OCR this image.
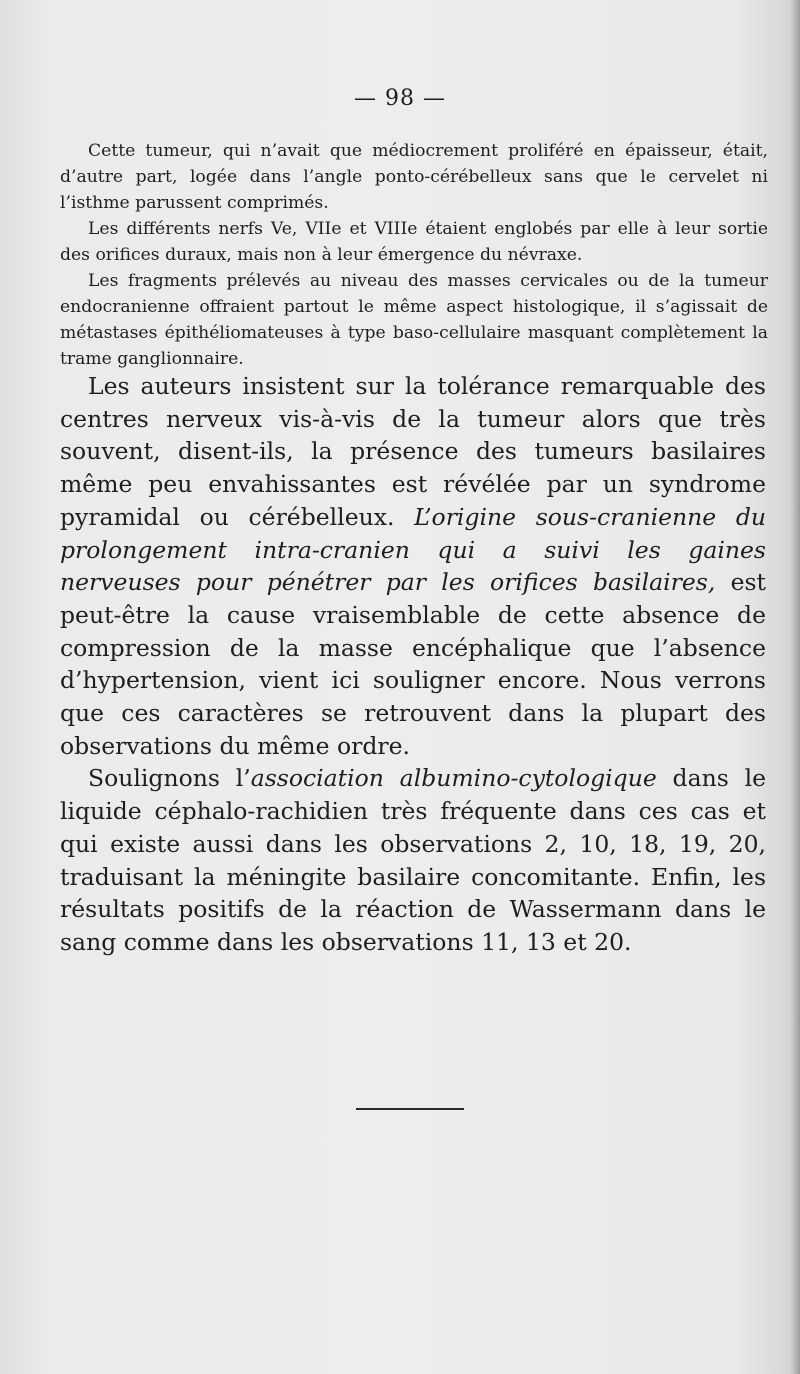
— 98 —

Cette tumeur, qui n’avait que médiocrement proliféré en épaisseur, était, d’autre part, logée dans l’angle ponto-cérébelleux sans que le cervelet ni l’isthme parussent comprimés.

Les différents nerfs Ve, VIIe et VIIIe étaient englobés par elle à leur sortie des orifices duraux, mais non à leur émergence du névraxe.

Les fragments prélevés au niveau des masses cervicales ou de la tumeur endocranienne offraient partout le même aspect histologique, il s’agissait de métastases épithéliomateuses à type baso-cellulaire masquant complètement la trame ganglionnaire.

Les auteurs insistent sur la tolérance remarquable des centres nerveux vis-à-vis de la tumeur alors que très souvent, disent-ils, la présence des tumeurs basilaires même peu envahissantes est révélée par un syndrome pyramidal ou cérébelleux. L’origine sous-cranienne du prolongement intra-cranien qui a suivi les gaines nerveuses pour pénétrer par les orifices basilaires, est peut-être la cause vraisemblable de cette absence de compression de la masse encéphalique que l’absence d’hypertension, vient ici souligner encore. Nous verrons que ces caractères se retrouvent dans la plupart des observations du même ordre.

Soulignons l’association albumino-cytologique dans le liquide céphalo-rachidien très fréquente dans ces cas et qui existe aussi dans les observations 2, 10, 18, 19, 20, traduisant la méningite basilaire concomitante. Enfin, les résultats positifs de la réaction de Wassermann dans le sang comme dans les observations 11, 13 et 20.
